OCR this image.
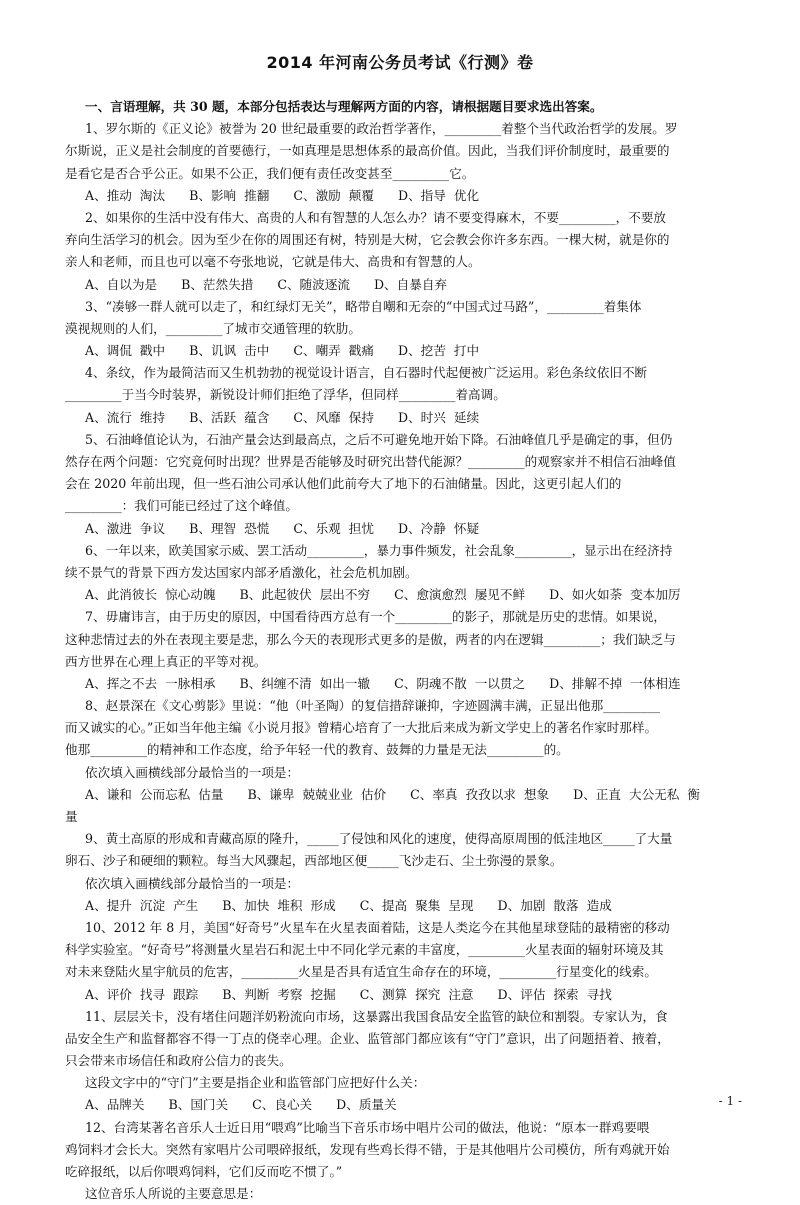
2014 年河南公务员考试《行测》卷
一、言语理解，共 30 题，本部分包括表达与理解两方面的内容，请根据题目要求选出答案。
1、罗尔斯的《正义论》被誉为 20 世纪最重要的政治哲学著作，_________着整个当代政治哲学的发展。罗
尔斯说，正义是社会制度的首要德行，一如真理是思想体系的最高价值。因此，当我们评价制度时，最重要的
是看它是否合乎公正。如果不公正，我们便有责任改变甚至_________它。
A、推动  淘汰      B、影响  推翻      C、激励  颠覆      D、指导  优化
2、如果你的生活中没有伟大、高贵的人和有智慧的人怎么办？请不要变得麻木，不要_________，不要放
弃向生活学习的机会。因为至少在你的周围还有树，特别是大树，它会教会你许多东西。一棵大树，就是你的
亲人和老师，而且也可以毫不夸张地说，它就是伟大、高贵和有智慧的人。
A、自以为是      B、茫然失措      C、随波逐流      D、自暴自弃
3、“凑够一群人就可以走了，和红绿灯无关”，略带自嘲和无奈的“中国式过马路”，_________着集体
漠视规则的人们，_________了城市交通管理的软肋。
A、调侃  戳中      B、讥讽  击中      C、嘲弄  戳痛      D、挖苦  打中
4、条纹，作为最简洁而又生机勃勃的视觉设计语言，自石器时代起便被广泛运用。彩色条纹依旧不断
_________于当今时装界，新锐设计师们拒绝了浮华，但同样_________着高调。
A、流行  维持      B、活跃  蕴含      C、风靡  保持      D、时兴  延续
5、石油峰值论认为，石油产量会达到最高点，之后不可避免地开始下降。石油峰值几乎是确定的事，但仍
然存在两个问题：它究竟何时出现？世界是否能够及时研究出替代能源？_________的观察家并不相信石油峰值
会在 2020 年前出现，但一些石油公司承认他们此前夸大了地下的石油储量。因此，这更引起人们的
_________：我们可能已经过了这个峰值。
A、激进  争议      B、理智  恐慌      C、乐观  担忧      D、冷静  怀疑
6、一年以来，欧美国家示威、罢工活动_________，暴力事件频发，社会乱象_________，显示出在经济持
续不景气的背景下西方发达国家内部矛盾激化，社会危机加剧。
A、此消彼长  惊心动魄      B、此起彼伏  层出不穷      C、愈演愈烈  屡见不鲜      D、如火如荼  变本加厉
7、毋庸讳言，由于历史的原因，中国看待西方总有一个_________的影子，那就是历史的悲情。如果说，
这种悲情过去的外在表现主要是悲，那么今天的表现形式更多的是傲，两者的内在逻辑_________；我们缺乏与
西方世界在心理上真正的平等对视。
A、挥之不去  一脉相承      B、纠缠不清  如出一辙      C、阴魂不散  一以贯之      D、排解不掉  一体相连
8、赵景深在《文心剪影》里说：“他（叶圣陶）的复信措辞谦抑，字迹圆满丰满，正显出他那_________
而又诚实的心。”正如当年他主编《小说月报》曾精心培育了一大批后来成为新文学史上的著名作家时那样。
他那_________的精神和工作态度，给予年轻一代的教育、鼓舞的力量是无法_________的。
依次填入画横线部分最恰当的一项是：
A、谦和  公而忘私  估量      B、谦卑  兢兢业业  估价      C、率真  孜孜以求  想象      D、正直  大公无私  衡
量
9、黄土高原的形成和青藏高原的隆升，_____了侵蚀和风化的速度，使得高原周围的低洼地区_____了大量
卵石、沙子和硬细的颗粒。每当大风骤起，西部地区便_____飞沙走石、尘土弥漫的景象。
依次填入画横线部分最恰当的一项是：
A、提升  沉淀  产生      B、加快  堆积  形成      C、提高  聚集  呈现      D、加剧  散落  造成
10、2012 年 8 月，美国“好奇号”火星车在火星表面着陆，这是人类迄今在其他星球登陆的最精密的移动
科学实验室。“好奇号”将测量火星岩石和泥土中不同化学元素的丰富度，_________火星表面的辐射环境及其
对未来登陆火星宇航员的危害，_________火星是否具有适宜生命存在的环境，_________行星变化的线索。
A、评价  找寻  跟踪      B、判断  考察  挖掘      C、测算  探究  注意      D、评估  探索  寻找
11、层层关卡，没有堵住问题洋奶粉流向市场，这暴露出我国食品安全监管的缺位和割裂。专家认为，食
品安全生产和监督都容不得一丁点的侥幸心理。企业、监管部门都应该有“守门”意识，出了问题捂着、掖着，
只会带来市场信任和政府公信力的丧失。
这段文字中的“守门”主要是指企业和监管部门应把好什么关：
A、品牌关      B、国门关      C、良心关      D、质量关
12、台湾某著名音乐人士近日用“喂鸡”比喻当下音乐市场中唱片公司的做法，他说：“原本一群鸡要喂
鸡饲料才会长大。突然有家唱片公司喂碎报纸，发现有些鸡长得不错，于是其他唱片公司模仿，所有鸡就开始
吃碎报纸，以后你喂鸡饲料，它们反而吃不惯了。”
这位音乐人所说的主要意思是：
- 1 -
